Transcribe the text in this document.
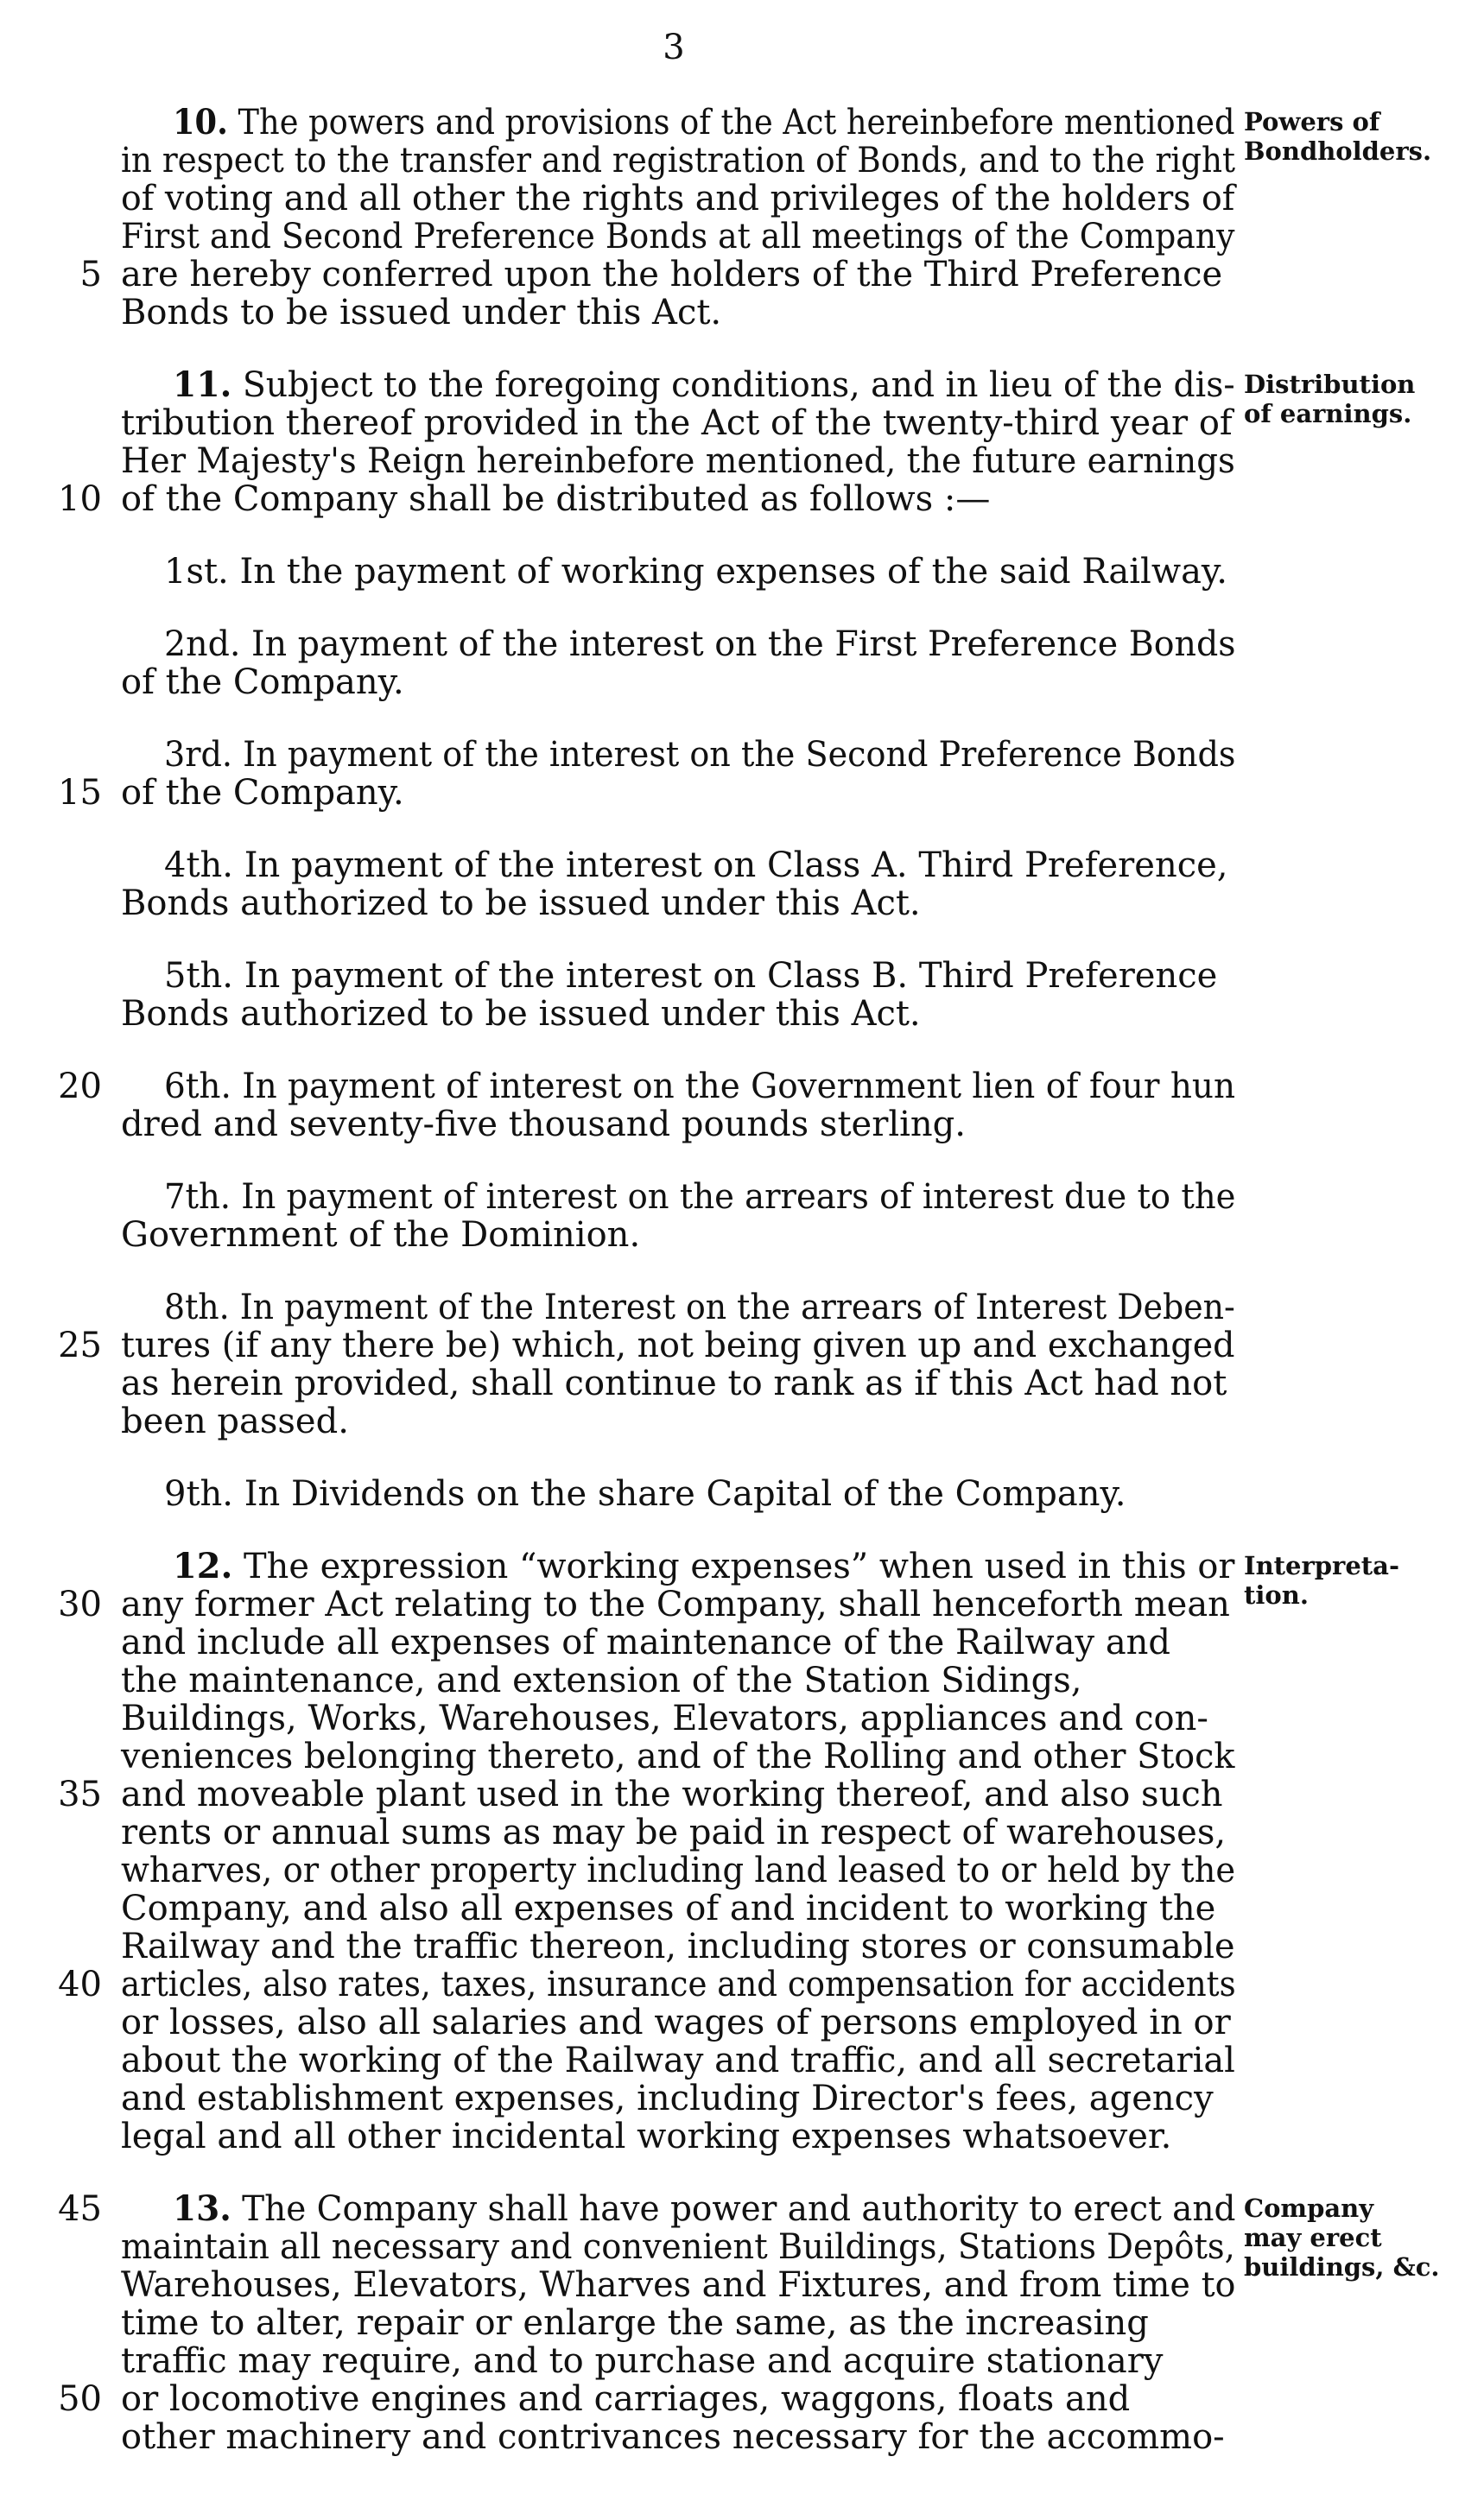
3
10. The powers and provisions of the Act hereinbefore mentioned
in respect to the transfer and registration of Bonds, and to the right
of voting and all other the rights and privileges of the holders of
First and Second Preference Bonds at all meetings of the Company
5 are hereby conferred upon the holders of the Third Preference
Bonds to be issued under this Act.
11. Subject to the foregoing conditions, and in lieu of the dis-
tribution thereof provided in the Act of the twenty-third year of
Her Majesty's Reign hereinbefore mentioned, the future earnings
10 of the Company shall be distributed as follows :—
1st. In the payment of working expenses of the said Railway.
2nd. In payment of the interest on the First Preference Bonds
of the Company.
3rd. In payment of the interest on the Second Preference Bonds
15 of the Company.
4th. In payment of the interest on Class A. Third Preference,
Bonds authorized to be issued under this Act.
5th. In payment of the interest on Class B. Third Preference
Bonds authorized to be issued under this Act.
20 6th. In payment of interest on the Government lien of four hun
dred and seventy-five thousand pounds sterling.
7th. In payment of interest on the arrears of interest due to the
Government of the Dominion.
8th. In payment of the Interest on the arrears of Interest Deben-
25 tures (if any there be) which, not being given up and exchanged
as herein provided, shall continue to rank as if this Act had not
been passed.
9th. In Dividends on the share Capital of the Company.
12. The expression “working expenses” when used in this or
30 any former Act relating to the Company, shall henceforth mean
and include all expenses of maintenance of the Railway and
the maintenance, and extension of the Station Sidings,
Buildings, Works, Warehouses, Elevators, appliances and con-
veniences belonging thereto, and of the Rolling and other Stock
35 and moveable plant used in the working thereof, and also such
rents or annual sums as may be paid in respect of warehouses,
wharves, or other property including land leased to or held by the
Company, and also all expenses of and incident to working the
Railway and the traffic thereon, including stores or consumable
40 articles, also rates, taxes, insurance and compensation for accidents
or losses, also all salaries and wages of persons employed in or
about the working of the Railway and traffic, and all secretarial
and establishment expenses, including Director's fees, agency
legal and all other incidental working expenses whatsoever.
45 13. The Company shall have power and authority to erect and
maintain all necessary and convenient Buildings, Stations Depôts,
Warehouses, Elevators, Wharves and Fixtures, and from time to
time to alter, repair or enlarge the same, as the increasing
traffic may require, and to purchase and acquire stationary
50 or locomotive engines and carriages, waggons, floats and
other machinery and contrivances necessary for the accommo-
Powers of
Bondholders.
Distribution
of earnings.
Interpreta-
tion.
Company
may erect
buildings, &c.
